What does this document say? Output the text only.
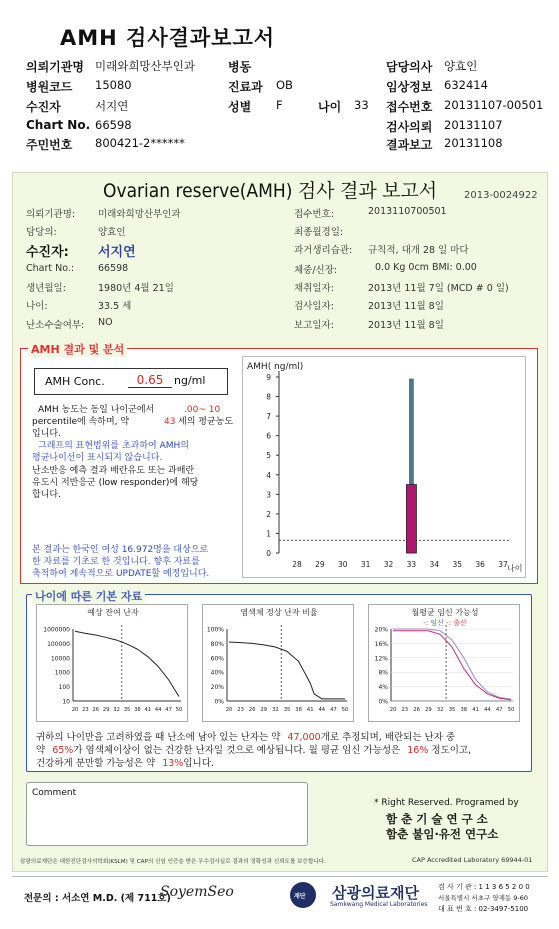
AMH 검사결과보고서
의뢰기관명 미래와희망산부인과	병동	담당의사 양효인
병원코드 15080	진료과 OB	임상정보 632414
수진자	서지연	성별 F	나이 33 접수번호 20131107-00501
Chart No. 66598	검사의뢰 20131107
주민번호 800421-2******	결과보고 20131108
Ovarian reserve(AMH) 검사 결과 보고서	2013-0024922
의뢰기관명: 미래와희망산부인과
담당의:	양효인
수진자: 서지연
Chart No.:	66598
생년월일:	1980년 4월 21일
나이:	33.5 세
난소수술여부: NO
접수번호:	2013110700501
최종월경일:
과거생리습관: 규칙적, 대개 28 일 마다
체중/신장:	0.0 Kg 0cm BMI: 0.00
채취일자:	2013년 11월 7일 (MCD # 0 일)
검사일자:	2013년 11월 8일
보고일자:	2013년 11월 8일
AMH 결과 및 분석
AMH Conc.	0.65 ng/ml
AMH 농도는 동일 나이군에서	.00~ 10
percentile에 속하며, 약	43 세의 평균농도
입니다.
그래프의 표현범위를 초과하여 AMH의
평균나이선이 표시되지 않습니다.
난소반응 예측 결과 배란유도 또는 과배란
유도시 저반응군 (low responder)에 해당
합니다.
본 결과는 한국인 여성 16.972명을 대상으로
한 자료를 기초로 한 것입니다. 향후 자료를
축적하여 계속적으로 UPDATE할 예정입니다.
AMH( ng/ml)
0
1
2
3
4
5
6
7
8
9
28 29 30 31 32 33 34 35 36 37 나이
나이에 따른 기본 자료
예상 잔여 난자
1000000
100000
10000
1000
100
10
20 23 26 29 32 35 38 41 44 47 50
염색체 정상 난자 비율
100%
80%
60%
40%
20%
0%
20 23 26 29 32 35 38 41 44 47 50
월평균 임신 가능성
-: 임신 -: 출산
20%
16%
12%
8%
4%
0%
20 23 26 29 32 35 38 41 44 47 50
귀하의 나이만을 고려하였을 때 난소에 남아 있는 난자는 약 47,000개로 추정되며, 배란되는 난자 중
약 65%가 염색체이상이 없는 건강한 난자일 것으로 예상됩니다. 월 평균 임신 가능성은 16% 정도이고,
건강하게 분만할 가능성은 약 13%입니다.
Comment
* Right Reserved. Programed by
함 춘 기 술 연 구 소
함춘 불임·유전 연구소
삼광의료재단은 대한진단검사의학회(KSLM) 및 CAP의 신임 인증을 받은 우수검사실로 결과의 정확성과 신뢰도를 보증합니다.	CAP Accredited Laboratory 69944-01
전문의 : 서소연 M.D. (제 711호)
SoyemSeo	재단 삼광의료재단
Samkwang Medical Laboratories
검 사 기 관 : 1 1 3 6 5 2 0 0
서울특별시 서초구 양재동 9-60
대 표 번 호 : 02-3497-5100
